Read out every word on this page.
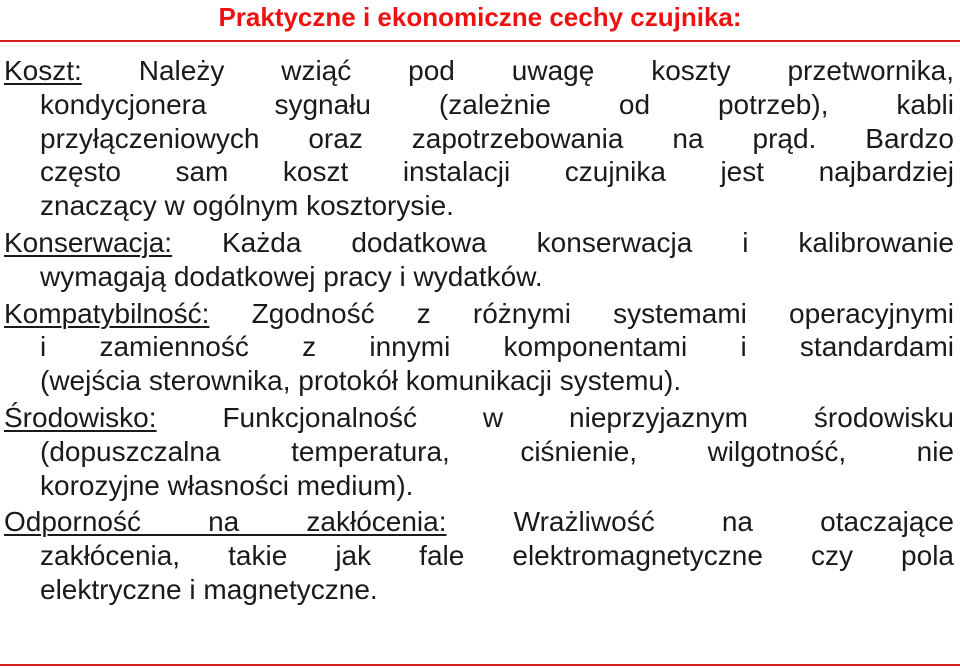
Praktyczne i ekonomiczne cechy czujnika:
Koszt: Należy wziąć pod uwagę koszty przetwornika,
kondycjonera sygnału (zależnie od potrzeb), kabli
przyłączeniowych oraz zapotrzebowania na prąd. Bardzo
często sam koszt instalacji czujnika jest najbardziej
znaczący w ogólnym kosztorysie.
Konserwacja: Każda dodatkowa konserwacja i kalibrowanie
wymagają dodatkowej pracy i wydatków.
Kompatybilność: Zgodność z różnymi systemami operacyjnymi
i zamienność z innymi komponentami i standardami
(wejścia sterownika, protokół komunikacji systemu).
Środowisko: Funkcjonalność w nieprzyjaznym środowisku
(dopuszczalna temperatura, ciśnienie, wilgotność, nie
korozyjne własności medium).
Odporność na zakłócenia: Wrażliwość na otaczające
zakłócenia, takie jak fale elektromagnetyczne czy pola
elektryczne i magnetyczne.
